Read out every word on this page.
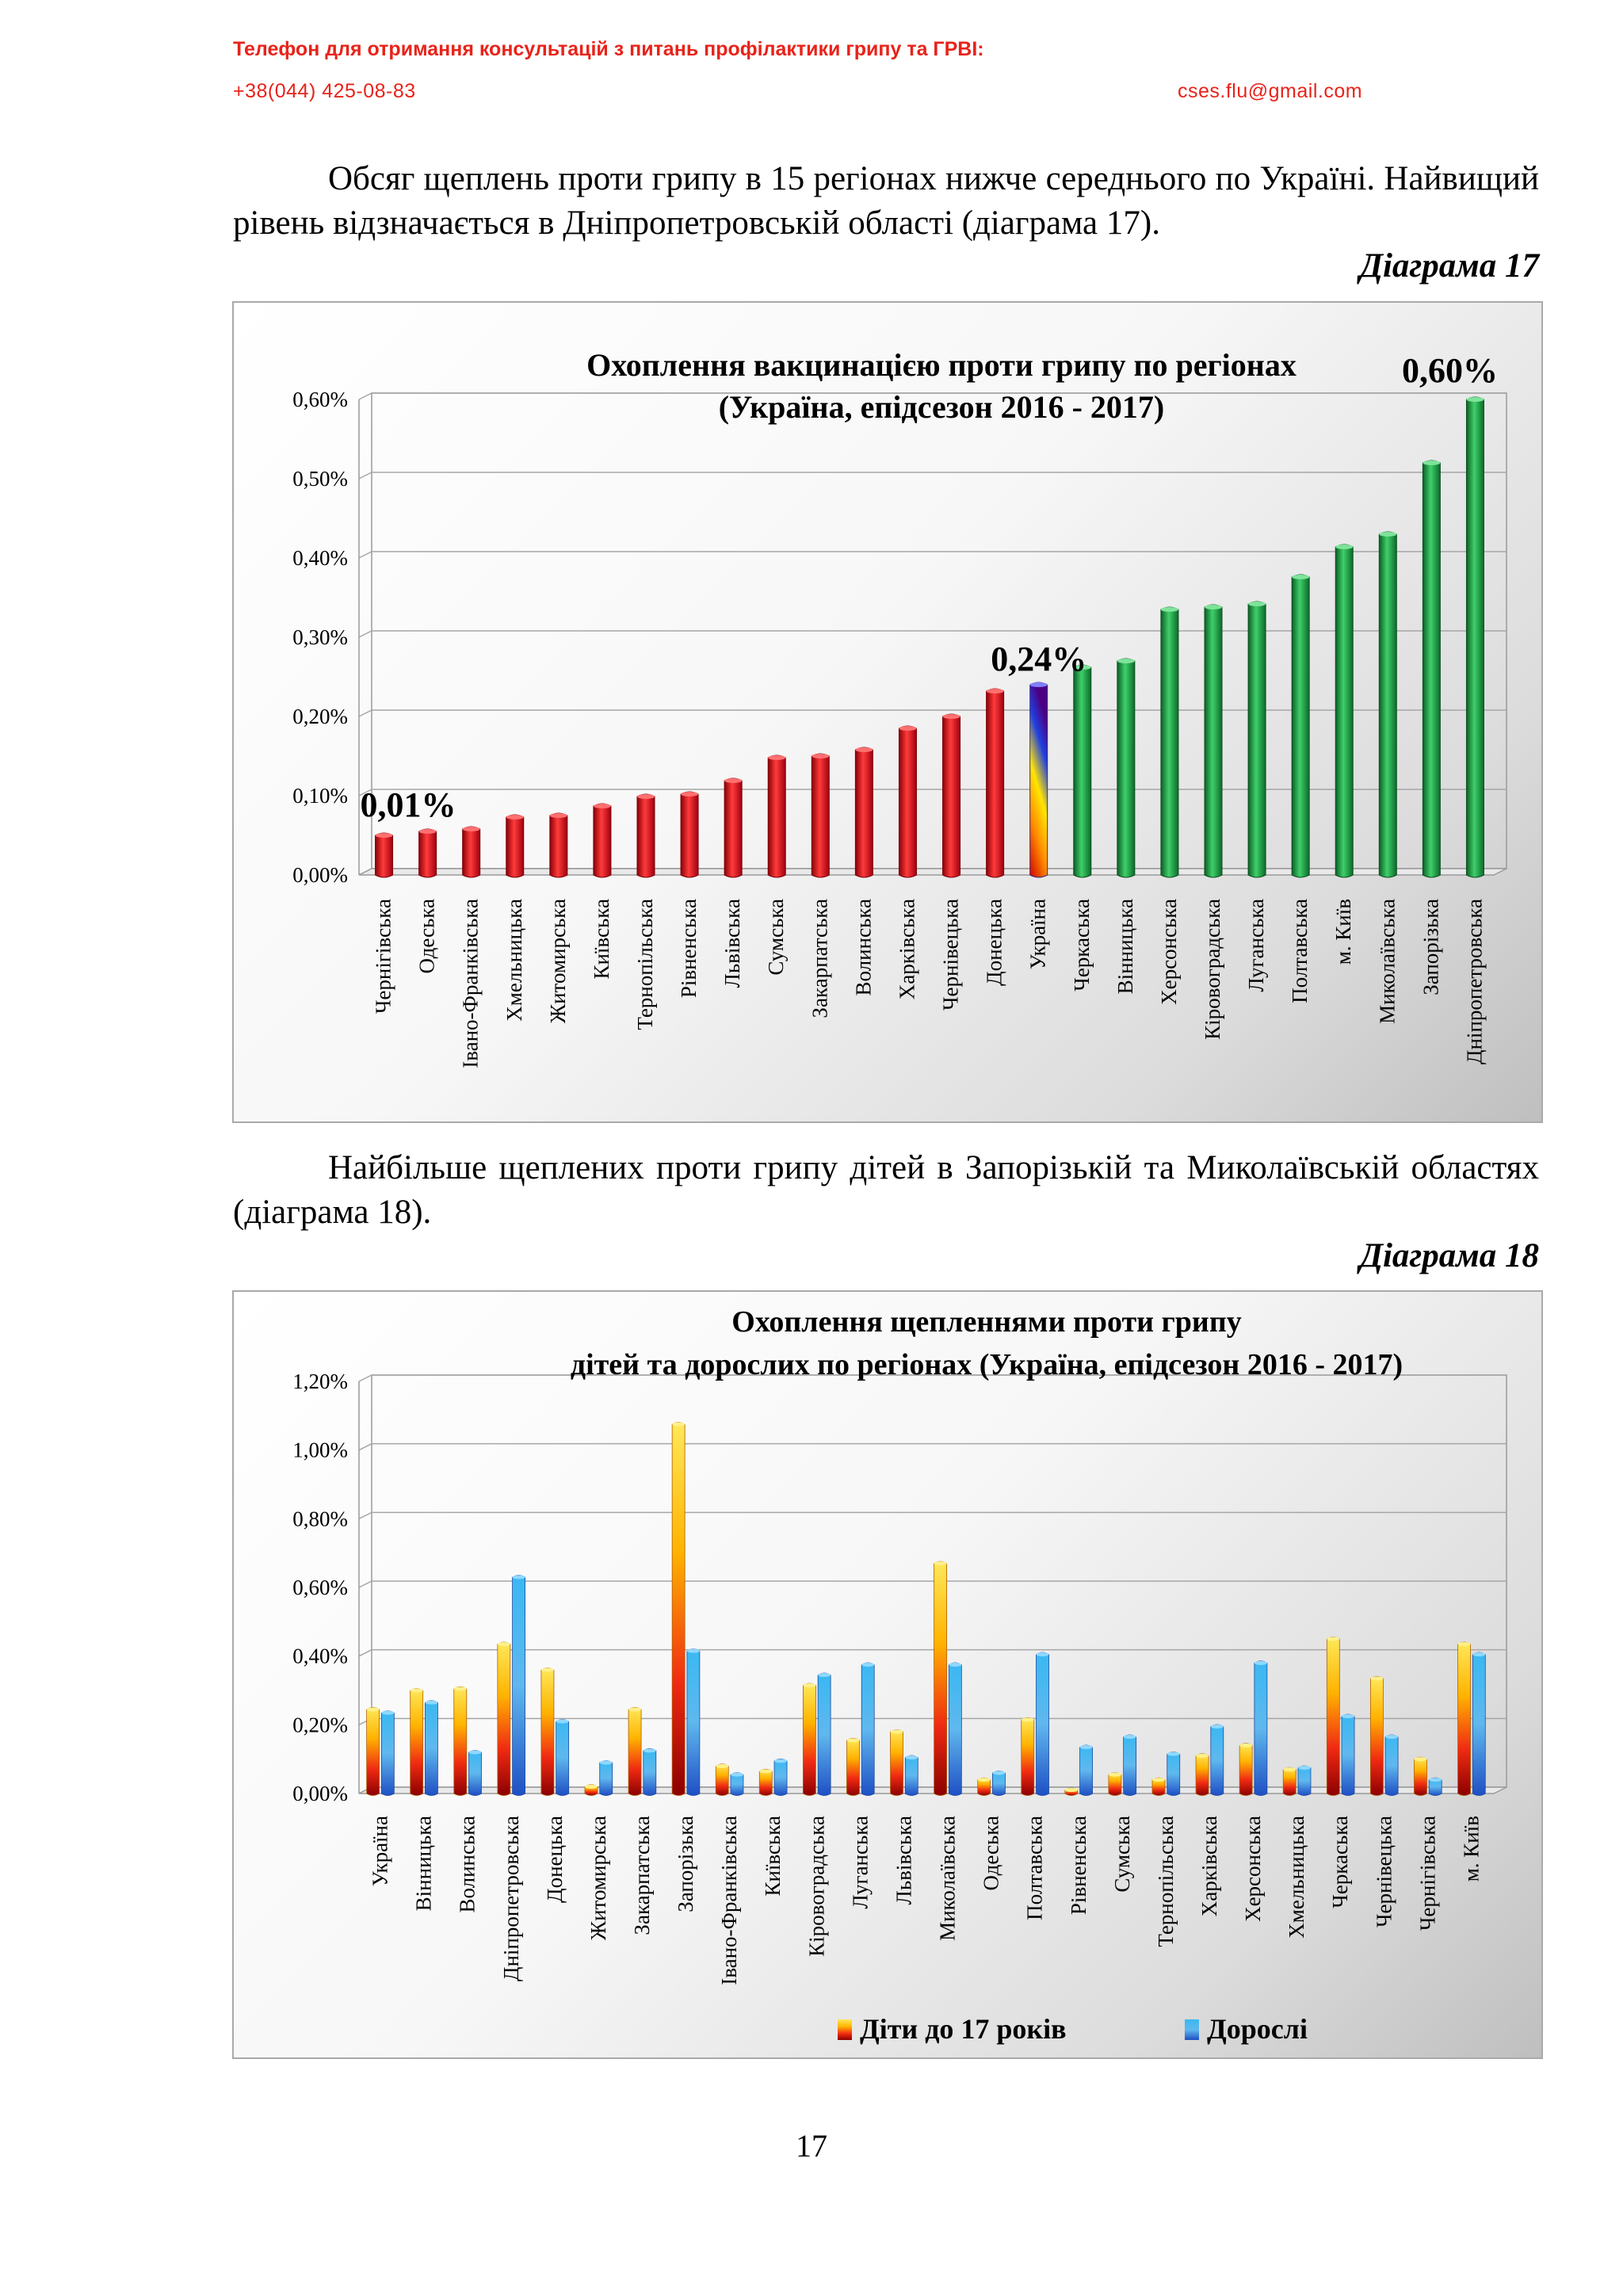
Телефон для отримання консультацій з питань профілактики грипу та ГРВІ:
+38(044) 425-08-83	cses.flu@gmail.com
Обсяг щеплень проти грипу в 15 регіонах нижче середнього по Україні. Найвищий рівень відзначається в Дніпропетровській області (діаграма 17).
Діаграма 17
0,00%
0,10%
0,20%
0,30%
0,40%
0,50%
0,60%
Чернігівська Одеська Івано-Франківська Хмельницька Житомирська Київська Тернопільська Рівненська Львівська Сумська Закарпатська Волинська Харківська Чернівецька Донецька Україна Черкаська Вінницька Херсонська Кіровоградська Луганська Полтавська м. Київ Миколаївська Запорізька Дніпропетровська
0,01%
0,24%
0,60%
Охоплення вакцинацією проти грипу по регіонах
(Україна, епідсезон 2016 - 2017)
Найбільше щеплених проти грипу дітей в Запорізькій та Миколаївській областях (діаграма 18).
Діаграма 18
0,00%
0,20%
0,40%
0,60%
0,80%
1,00%
1,20%
Україна Вінницька Волинська Дніпропетровська Донецька Житомирська Закарпатська Запорізька Івано-Франківська Київська Кіровоградська Луганська Львівська Миколаївська Одеська Полтавська Рівненська Сумська Тернопільська Харківська Херсонська Хмельницька Черкаська Чернівецька Чернігівська м. Київ
Охоплення щепленнями проти грипу
дітей та дорослих по регіонах (Україна, епідсезон 2016 - 2017)
Діти до 17 років	Дорослі
17
